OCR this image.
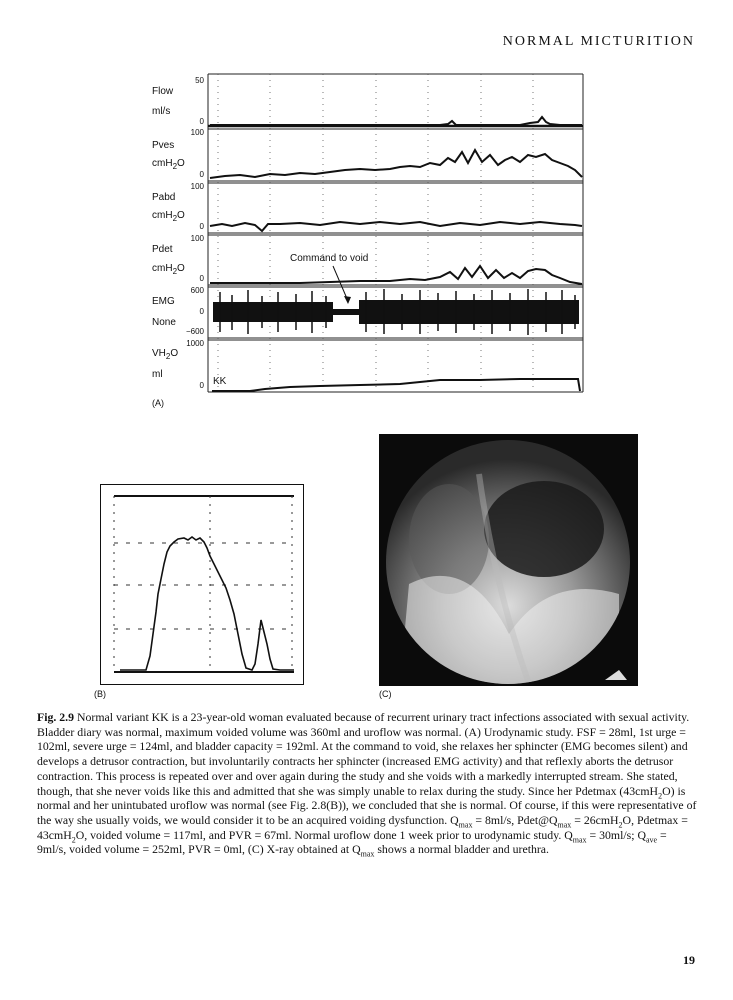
NORMAL MICTURITION
Flow
ml/s
50
0
Pves
cmH$_2$O
100
0
Pabd
cmH$_2$O
100
0
Pdet
cmH$_2$O
100
0
EMG
None
600
0
−600
$VH_2O$
ml
1000
0
Command to void
KK
(A)
(B)	(C)
Fig. 2.9 Normal variant KK is a 23-year-old woman evaluated because of recurrent urinary tract infections associated with sexual activity. Bladder diary was normal, maximum voided volume was 360ml and uroflow was normal. (A) Urodynamic study. FSF = 28ml, 1st urge = 102ml, severe urge = 124ml, and bladder capacity = 192ml. At the command to void, she relaxes her sphincter (EMG becomes silent) and develops a detrusor contraction, but involuntarily contracts her sphincter (increased EMG activity) and that reflexly aborts the detrusor contraction. This process is repeated over and over again during the study and she voids with a markedly interrupted stream. She stated, though, that she never voids like this and admitted that she was simply unable to relax during the study. Since her Pdetmax (43cmH$_2$O) is normal and her unintubated uroflow was normal (see Fig. 2.8(B)), we concluded that she is normal. Of course, if this were representative of the way she usually voids, we would consider it to be an acquired voiding dysfunction. $Q_{max} = 8ml/s$, $Pdet@Q_{max} = 26cmH_2O$, Pdetmax = 43cmH$_2$O, voided volume = 117ml, and PVR = 67ml. Normal uroflow done 1 week prior to urodynamic study. $Q_{max} = 30ml/s$; $Q_{ave} = 9ml/s$, voided volume = 252ml, PVR = 0ml, (C) X-ray obtained at $Q_{max}$ shows a normal bladder and urethra.
19
